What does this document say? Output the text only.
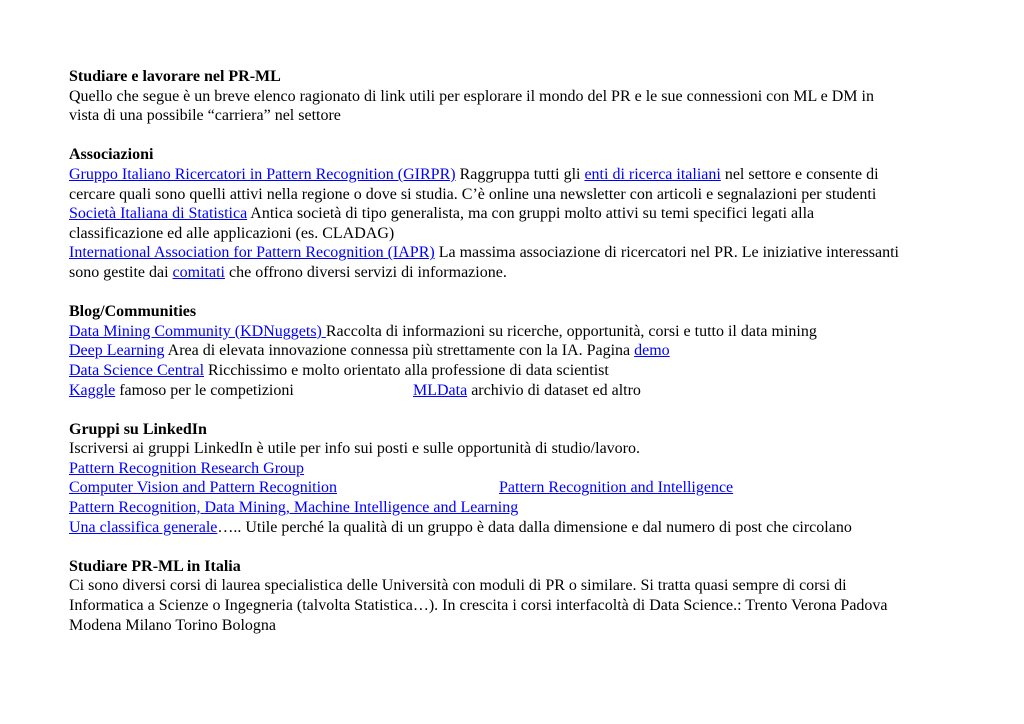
Studiare e lavorare nel PR-ML
Quello che segue è un breve elenco ragionato di link utili per esplorare il mondo del PR e le sue connessioni con ML e DM in
vista di una possibile “carriera” nel settore
Associazioni
Gruppo Italiano Ricercatori in Pattern Recognition (GIRPR) Raggruppa tutti gli enti di ricerca italiani nel settore e consente di
cercare quali sono quelli attivi nella regione o dove si studia. C’è online una newsletter con articoli e segnalazioni per studenti
Società Italiana di Statistica Antica società di tipo generalista, ma con gruppi molto attivi su temi specifici legati alla
classificazione ed alle applicazioni (es. CLADAG)
International Association for Pattern Recognition (IAPR) La massima associazione di ricercatori nel PR. Le iniziative interessanti
sono gestite dai comitati che offrono diversi servizi di informazione.
Blog/Communities
Data Mining Community (KDNuggets) Raccolta di informazioni su ricerche, opportunità, corsi e tutto il data mining
Deep Learning Area di elevata innovazione connessa più strettamente con la IA. Pagina demo
Data Science Central Ricchissimo e molto orientato alla professione di data scientist
Kaggle famoso per le competizioni	MLData archivio di dataset ed altro
Gruppi su LinkedIn
Iscriversi ai gruppi LinkedIn è utile per info sui posti e sulle opportunità di studio/lavoro.
Pattern Recognition Research Group
Computer Vision and Pattern Recognition	Pattern Recognition and Intelligence
Pattern Recognition, Data Mining, Machine Intelligence and Learning
Una classifica generale….. Utile perché la qualità di un gruppo è data dalla dimensione e dal numero di post che circolano
Studiare PR-ML in Italia
Ci sono diversi corsi di laurea specialistica delle Università con moduli di PR o similare. Si tratta quasi sempre di corsi di
Informatica a Scienze o Ingegneria (talvolta Statistica…). In crescita i corsi interfacoltà di Data Science.: Trento Verona Padova
Modena Milano Torino Bologna
